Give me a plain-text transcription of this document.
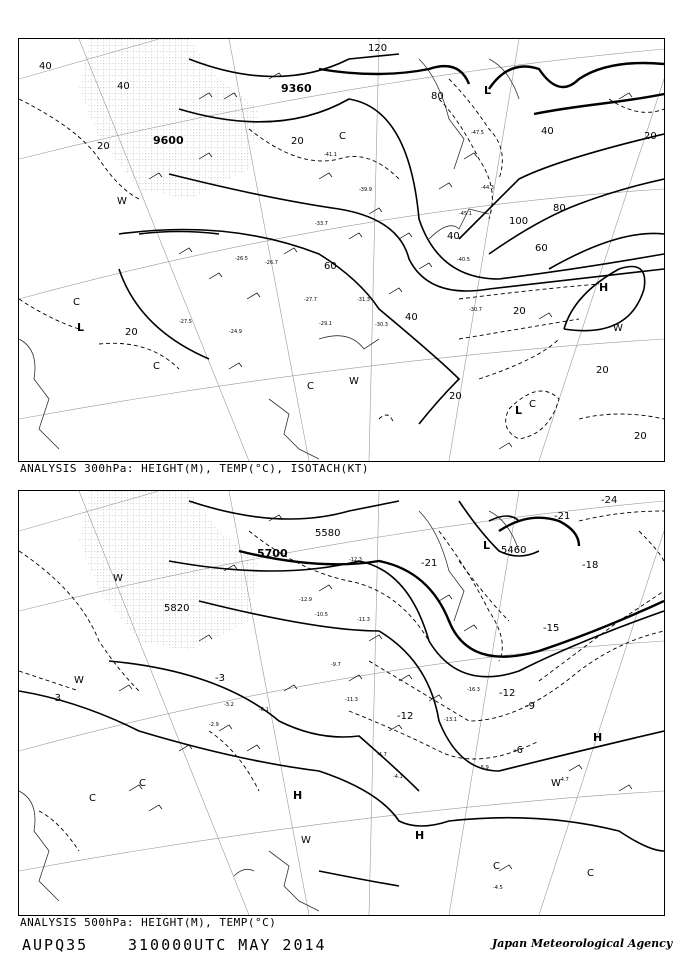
9360
9600
120
100
80
60
40
20
40
40
20
20
20
20
20
20
20
40
40
80
60
L
L
H
C
C
C
C
W
W
W
L C
-41.1
-39.9
-33.7
-31.3
-30.3
-29.1
-27.7
-26.5
-26.7
-24.9
-27.5
-47.5
-40.5
-44.3
-45.1
-30.7
ANALYSIS 300hPa: HEIGHT(M), TEMP(°C), ISOTACH(KT)
5580
5700
5820
5460
-24
-21
-18
-15
-12
-9
-6
-3
-3
-21
-12
L
H
H
H
C
C
C
C
W
W
W
W
-12.9
-12.3
-10.5
-11.3
-9.7
-11.3
-4.7
-4.1
-5.9
-4.7
-4.5
-2.9
-3.2
-6.1
-13.1
-16.3
ANALYSIS 500hPa: HEIGHT(M), TEMP(°C)
AUPQ35	310000UTC MAY 2014	Japan Meteorological Agency
